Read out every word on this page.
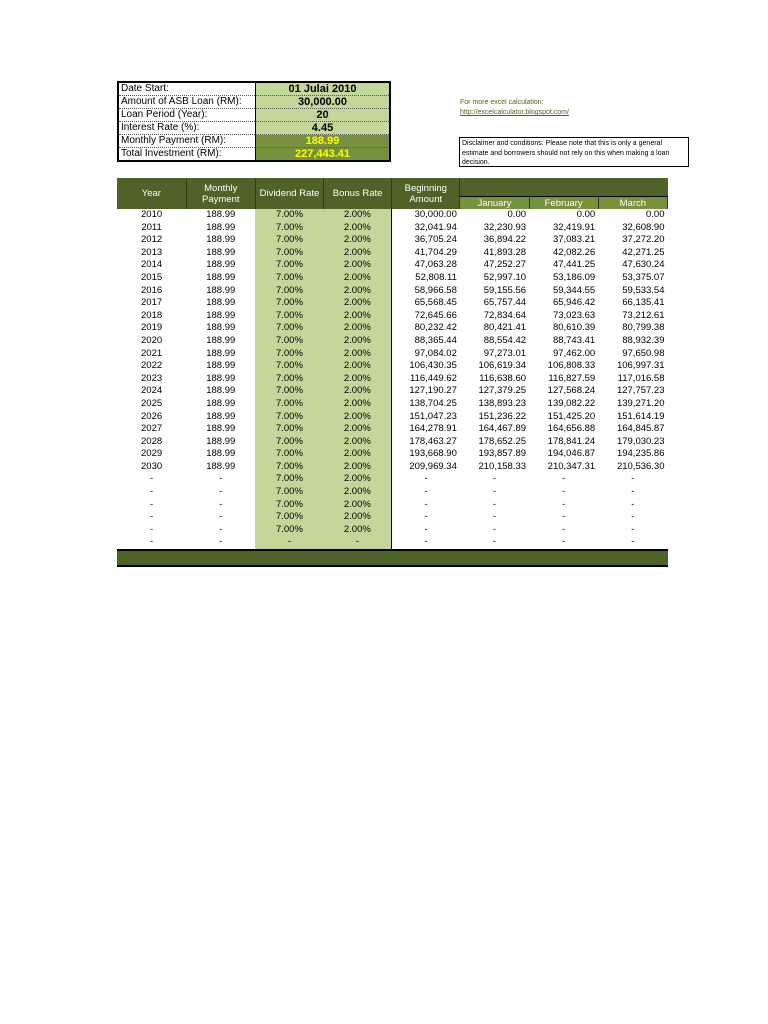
Date Start:	01 Julai 2010
Amount of ASB Loan (RM):	30,000.00
Loan Period (Year):	20
Interest Rate (%):	4.45
Monthly Payment (RM):	188.99
Total Investment (RM):	227,443.41
For more excel calculation:
http://excelcalculator.blogspot.com/
Disclaimer and conditions: Please note that this is only a general estimate and borrowers should not rely on this when making a loan decision.
Year	Monthly Payment	Dividend Rate	Bonus Rate	Beginning Amount			
					January	February	March
2010	188.99	7.00%	2.00%	30,000.00	0.00	0.00	0.00
2011	188.99	7.00%	2.00%	32,041.94	32,230.93	32,419.91	32,608.90
2012	188.99	7.00%	2.00%	36,705.24	36,894.22	37,083.21	37,272.20
2013	188.99	7.00%	2.00%	41,704.29	41,893.28	42,082.26	42,271.25
2014	188.99	7.00%	2.00%	47,063.28	47,252.27	47,441.25	47,630.24
2015	188.99	7.00%	2.00%	52,808.11	52,997.10	53,186.09	53,375.07
2016	188.99	7.00%	2.00%	58,966.58	59,155.56	59,344.55	59,533.54
2017	188.99	7.00%	2.00%	65,568.45	65,757.44	65,946.42	66,135.41
2018	188.99	7.00%	2.00%	72,645.66	72,834.64	73,023.63	73,212.61
2019	188.99	7.00%	2.00%	80,232.42	80,421.41	80,610.39	80,799.38
2020	188.99	7.00%	2.00%	88,365.44	88,554.42	88,743.41	88,932.39
2021	188.99	7.00%	2.00%	97,084.02	97,273.01	97,462.00	97,650.98
2022	188.99	7.00%	2.00%	106,430.35	106,619.34	106,808.33	106,997.31
2023	188.99	7.00%	2.00%	116,449.62	116,638.60	116,827.59	117,016.58
2024	188.99	7.00%	2.00%	127,190.27	127,379.25	127,568.24	127,757.23
2025	188.99	7.00%	2.00%	138,704.25	138,893.23	139,082.22	139,271.20
2026	188.99	7.00%	2.00%	151,047.23	151,236.22	151,425.20	151,614.19
2027	188.99	7.00%	2.00%	164,278.91	164,467.89	164,656.88	164,845.87
2028	188.99	7.00%	2.00%	178,463.27	178,652.25	178,841.24	179,030.23
2029	188.99	7.00%	2.00%	193,668.90	193,857.89	194,046.87	194,235.86
2030	188.99	7.00%	2.00%	209,969.34	210,158.33	210,347.31	210,536.30
-	-	7.00%	2.00%	-	-	-	-
-	-	7.00%	2.00%	-	-	-	-
-	-	7.00%	2.00%	-	-	-	-
-	-	7.00%	2.00%	-	-	-	-
-	-	7.00%	2.00%	-	-	-	-
-	-	-	-	-	-	-	-
